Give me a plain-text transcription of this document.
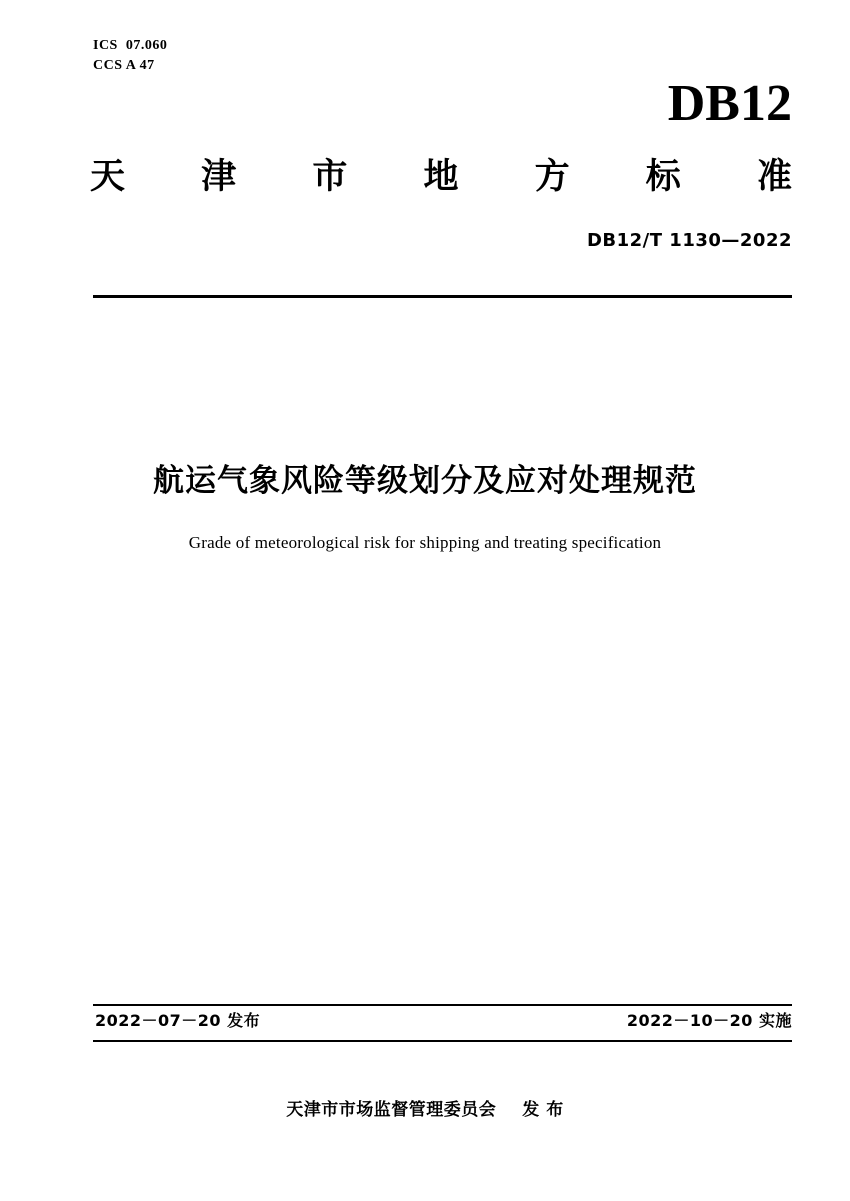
ICS  07.060
CCS A 47
DB12
天 津 市 地 方 标 准
DB12/T 1130—2022
航运气象风险等级划分及应对处理规范
Grade of meteorological risk for shipping and treating specification
2022－07－20 发布	2022－10－20 实施
天津市市场监督管理委员会 发 布
